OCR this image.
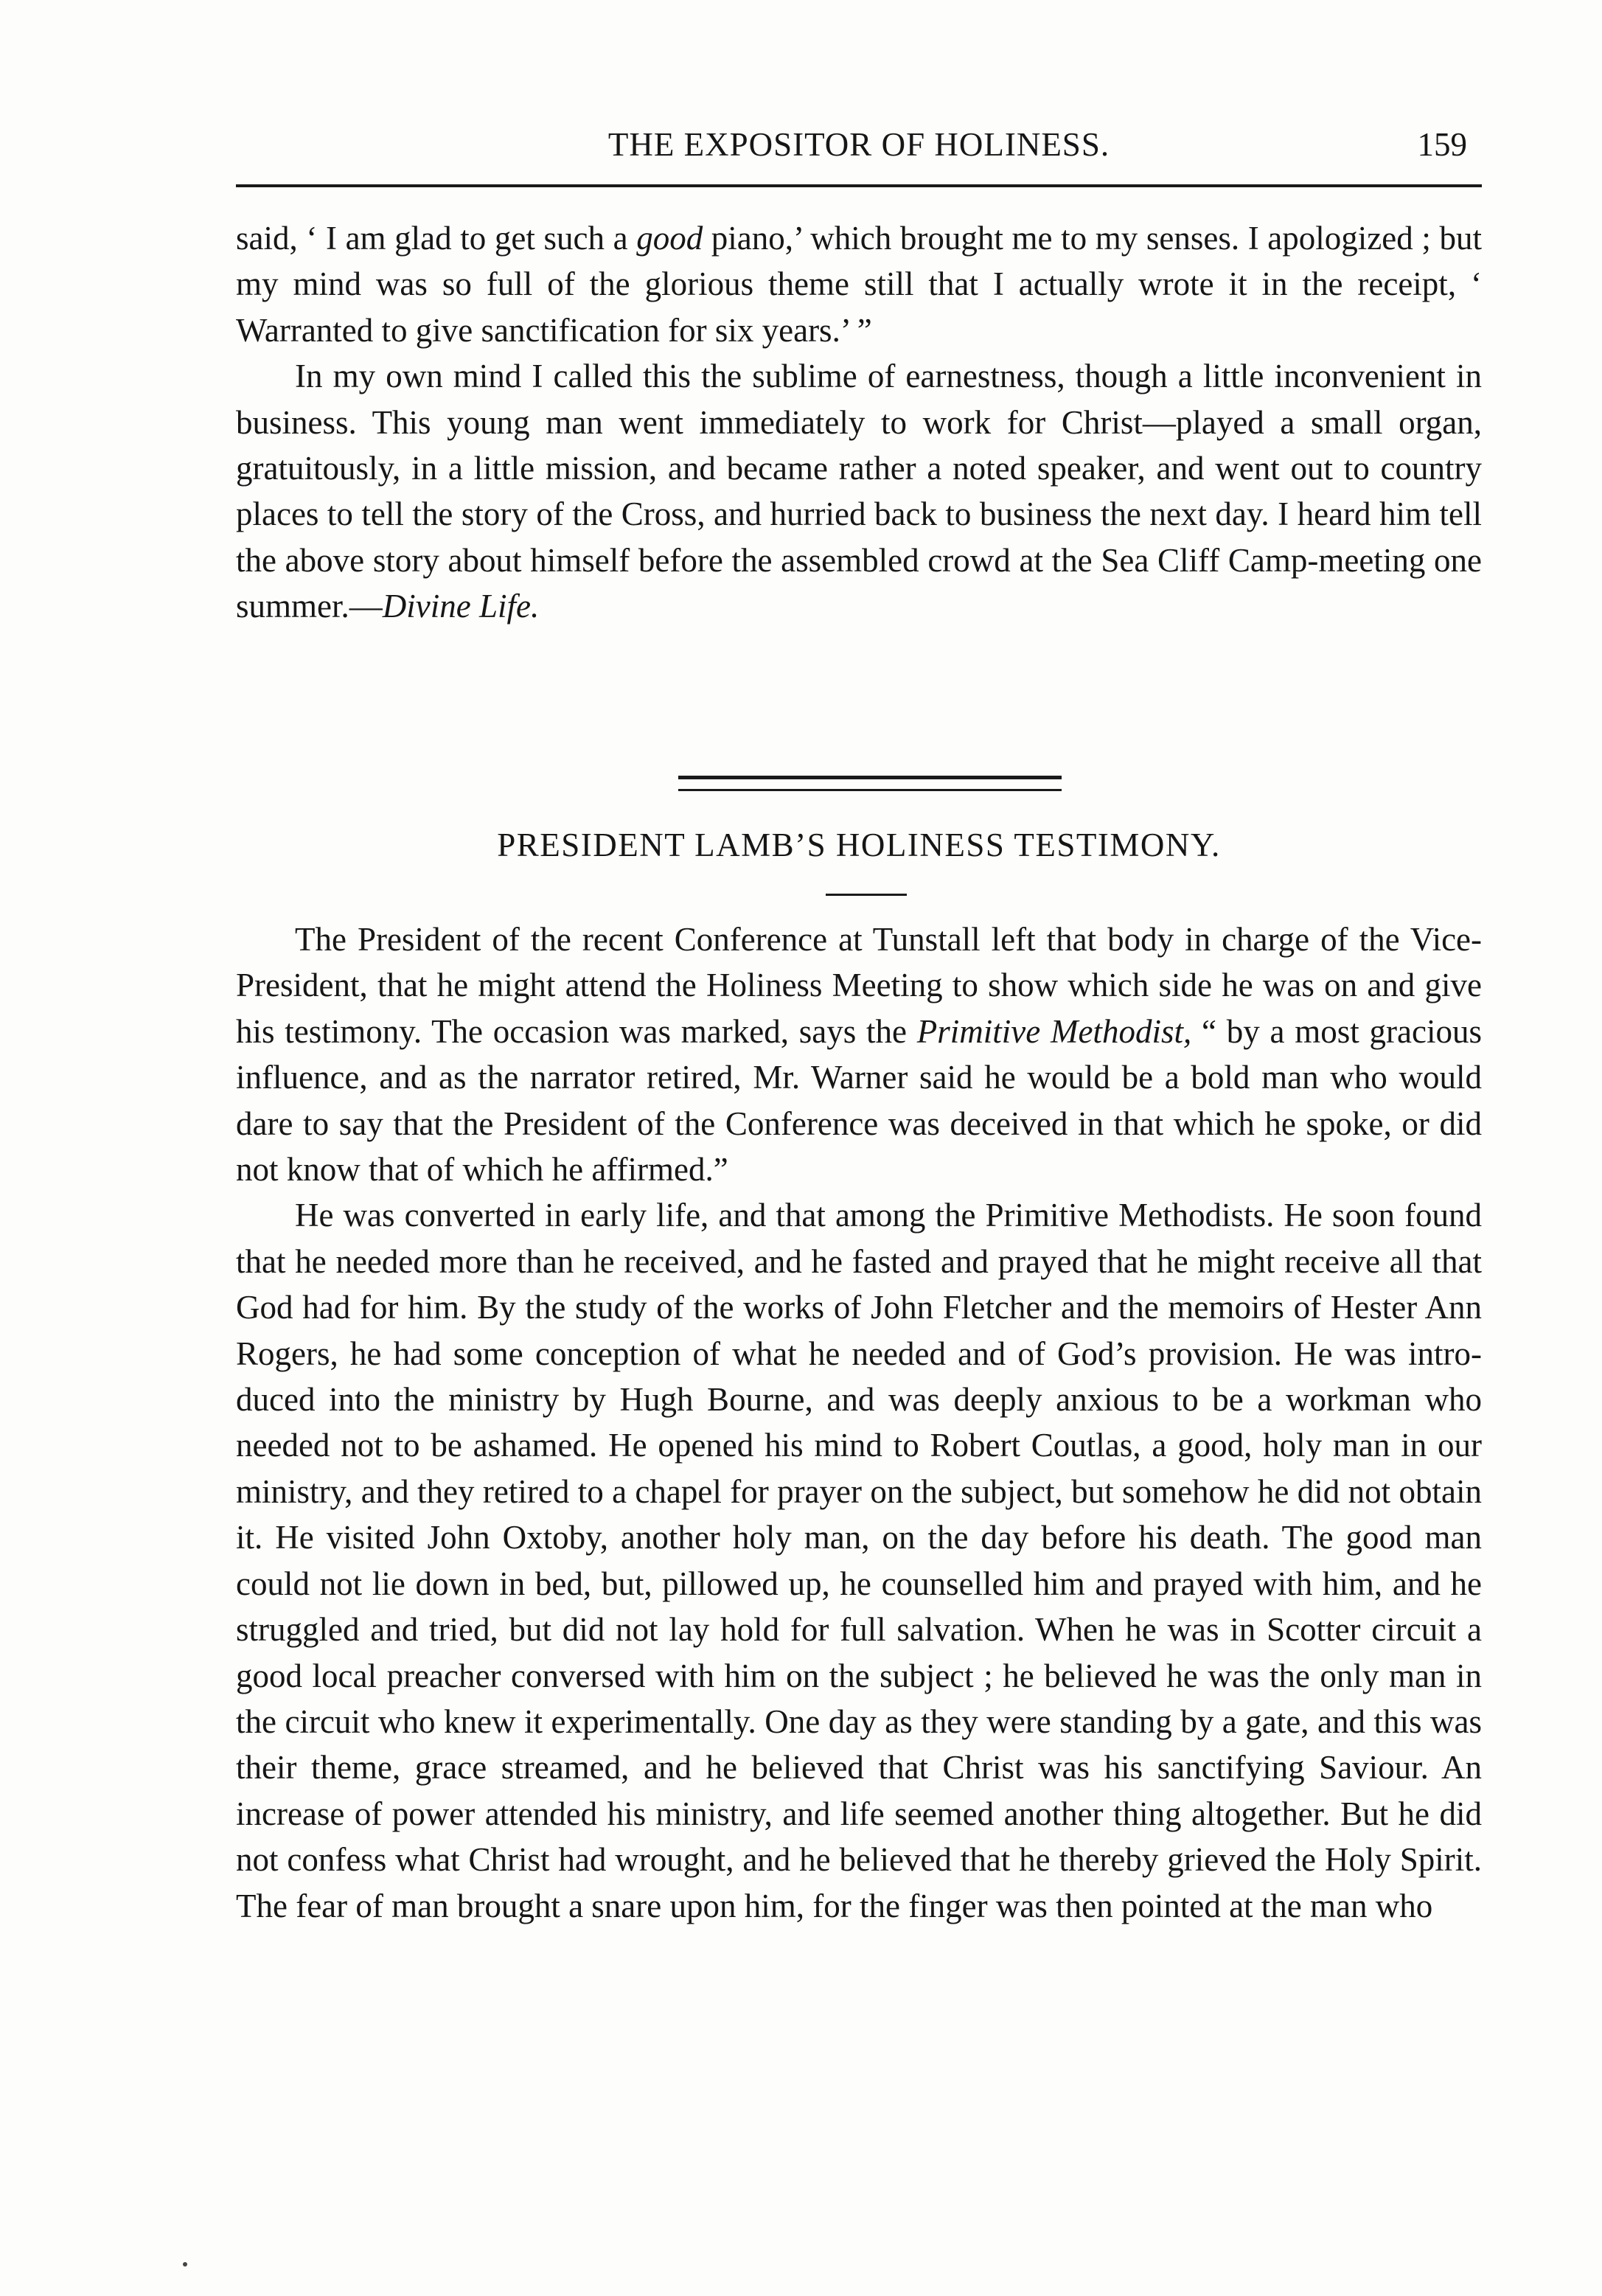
THE EXPOSITOR OF HOLINESS.	159

said, ‘ I am glad to get such a good piano,’ which brought me to my senses. I apologized ; but my mind was so full of the glorious theme still that I actually wrote it in the receipt, ‘ Warranted to give sanctification for six years.’ ”

In my own mind I called this the sublime of earnestness, though a little inconvenient in business. This young man went immediately to work for Christ—played a small organ, gratuitously, in a little mission, and became rather a noted speaker, and went out to country places to tell the story of the Cross, and hurried back to business the next day. I heard him tell the above story about himself before the assembled crowd at the Sea Cliff Camp-meeting one summer.—Divine Life.

PRESIDENT LAMB’S HOLINESS TESTIMONY.

The President of the recent Conference at Tunstall left that body in charge of the Vice-President, that he might attend the Holiness Meeting to show which side he was on and give his testimony. The occasion was marked, says the Primitive Methodist, “ by a most gracious influence, and as the narrator retired, Mr. Warner said he would be a bold man who would dare to say that the President of the Conference was deceived in that which he spoke, or did not know that of which he affirmed.”

He was converted in early life, and that among the Primitive Methodists. He soon found that he needed more than he received, and he fasted and prayed that he might receive all that God had for him. By the study of the works of John Fletcher and the memoirs of Hester Ann Rogers, he had some conception of what he needed and of God’s provision. He was introduced into the ministry by Hugh Bourne, and was deeply anxious to be a workman who needed not to be ashamed. He opened his mind to Robert Coutlas, a good, holy man in our ministry, and they retired to a chapel for prayer on the subject, but somehow he did not obtain it. He visited John Oxtoby, another holy man, on the day before his death. The good man could not lie down in bed, but, pillowed up, he counselled him and prayed with him, and he struggled and tried, but did not lay hold for full salvation. When he was in Scotter circuit a good local preacher conversed with him on the subject ; he believed he was the only man in the circuit who knew it experimentally. One day as they were standing by a gate, and this was their theme, grace streamed, and he believed that Christ was his sanctifying Saviour. An increase of power attended his ministry, and life seemed another thing altogether. But he did not confess what Christ had wrought, and he believed that he thereby grieved the Holy Spirit. The fear of man brought a snare upon him, for the finger was then pointed at the man who
